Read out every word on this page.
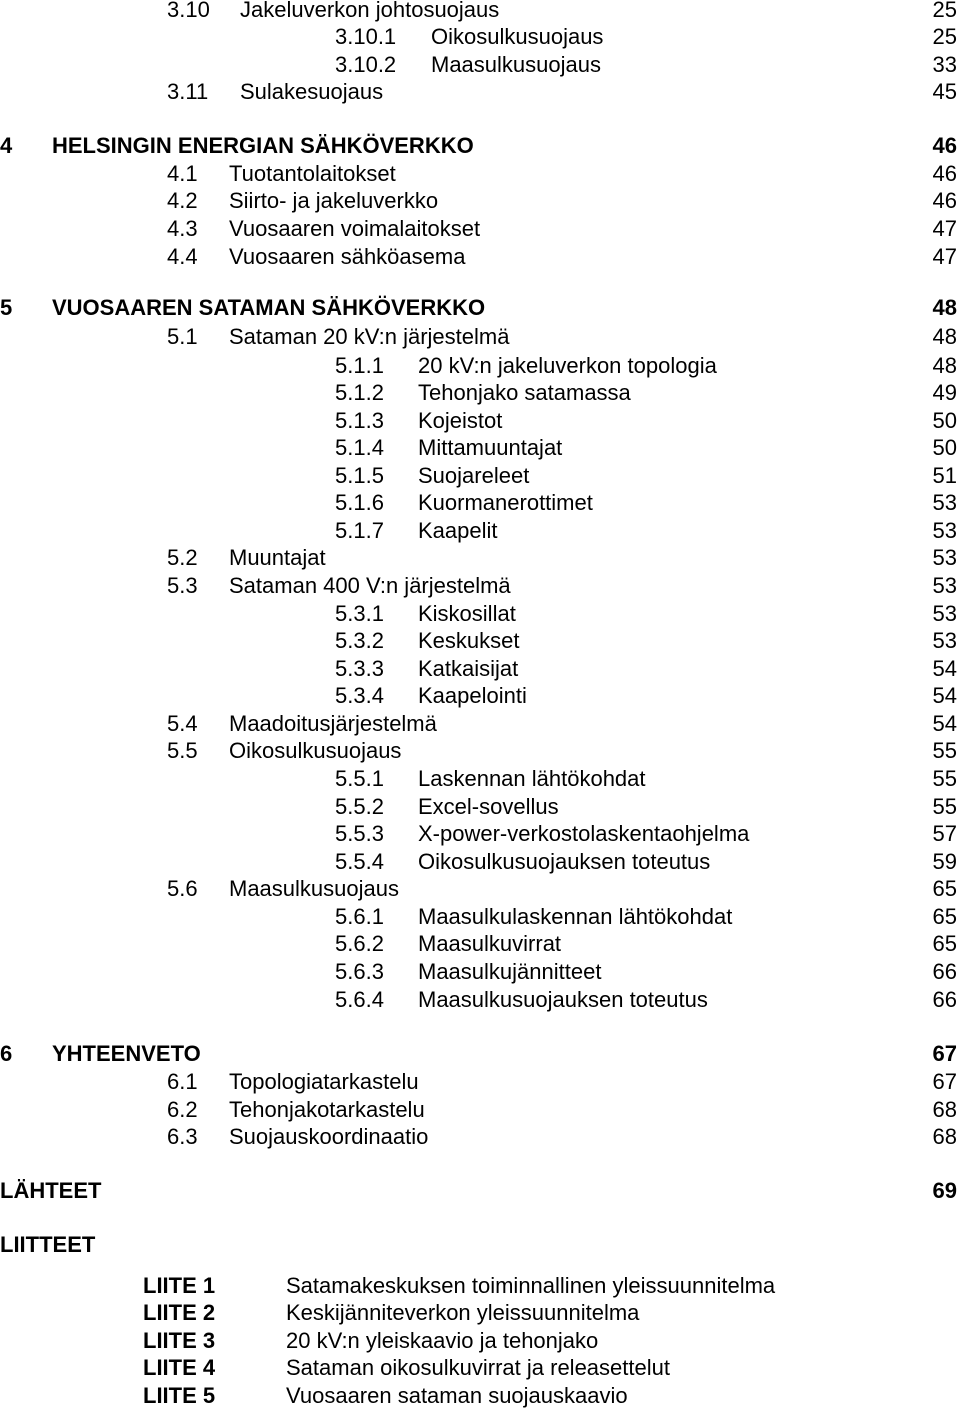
3.10 Jakeluverkon johtosuojaus	25
3.10.1 Oikosulkusuojaus	25
3.10.2 Maasulkusuojaus	33
3.11 Sulakesuojaus	45
4 HELSINGIN ENERGIAN SÄHKÖVERKKO	46
4.1 Tuotantolaitokset	46
4.2 Siirto- ja jakeluverkko	46
4.3 Vuosaaren voimalaitokset	47
4.4 Vuosaaren sähköasema	47
5 VUOSAAREN SATAMAN SÄHKÖVERKKO	48
5.1 Sataman 20 kV:n järjestelmä	48
5.1.1 20 kV:n jakeluverkon topologia	48
5.1.2 Tehonjako satamassa	49
5.1.3 Kojeistot	50
5.1.4 Mittamuuntajat	50
5.1.5 Suojareleet	51
5.1.6 Kuormanerottimet	53
5.1.7 Kaapelit	53
5.2 Muuntajat	53
5.3 Sataman 400 V:n järjestelmä	53
5.3.1 Kiskosillat	53
5.3.2 Keskukset	53
5.3.3 Katkaisijat	54
5.3.4 Kaapelointi	54
5.4 Maadoitusjärjestelmä	54
5.5 Oikosulkusuojaus	55
5.5.1 Laskennan lähtökohdat	55
5.5.2 Excel-sovellus	55
5.5.3 X-power-verkostolaskentaohjelma	57
5.5.4 Oikosulkusuojauksen toteutus	59
5.6 Maasulkusuojaus	65
5.6.1 Maasulkulaskennan lähtökohdat	65
5.6.2 Maasulkuvirrat	65
5.6.3 Maasulkujännitteet	66
5.6.4 Maasulkusuojauksen toteutus	66
6 YHTEENVETO	67
6.1 Topologiatarkastelu	67
6.2 Tehonjakotarkastelu	68
6.3 Suojauskoordinaatio	68
LÄHTEET	69
LIITTEET
LIITE 1	Satamakeskuksen toiminnallinen yleissuunnitelma
LIITE 2	Keskijänniteverkon yleissuunnitelma
LIITE 3	20 kV:n yleiskaavio ja tehonjako
LIITE 4	Sataman oikosulkuvirrat ja releasettelut
LIITE 5	Vuosaaren sataman suojauskaavio
